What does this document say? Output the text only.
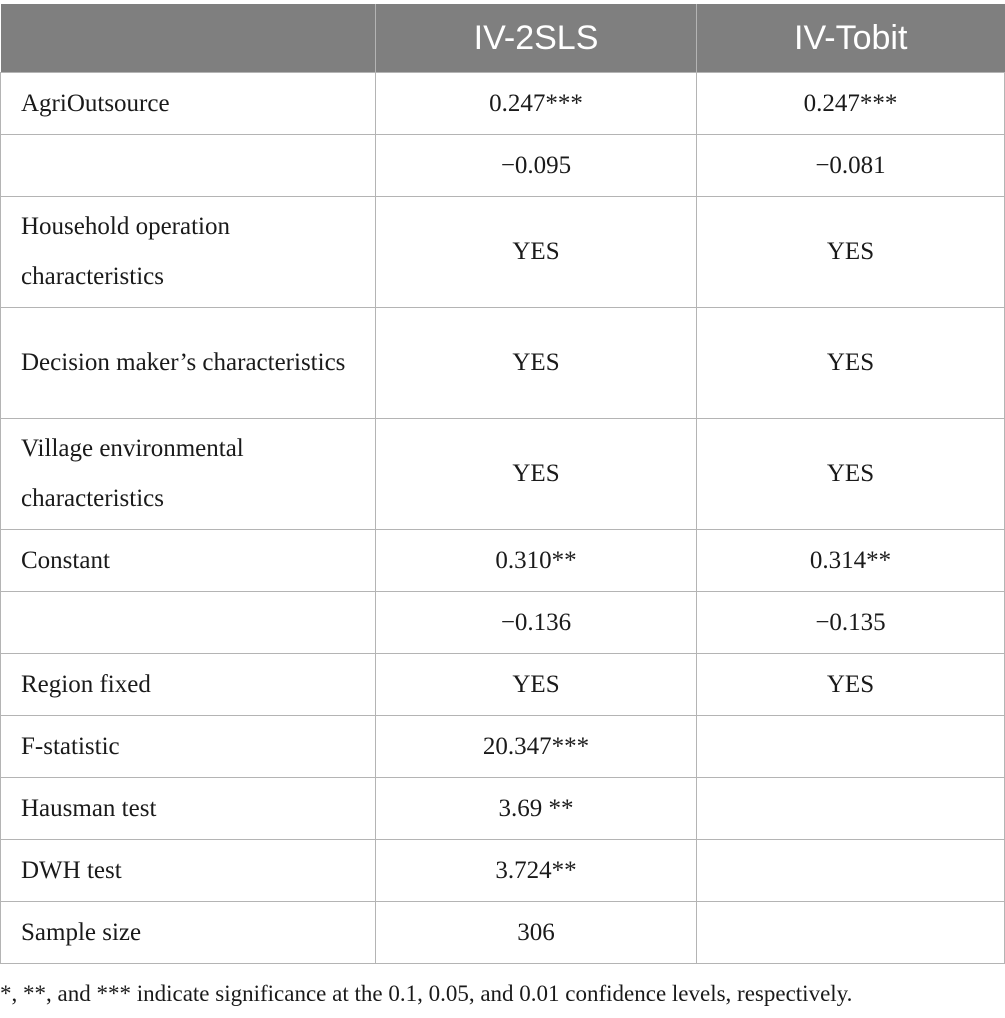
	IV-2SLS	IV-Tobit
AgriOutsource	0.247***	0.247***
	−0.095	−0.081
Household operation characteristics	YES	YES
Decision maker’s characteristics	YES	YES
Village environmental characteristics	YES	YES
Constant	0.310**	0.314**
	−0.136	−0.135
Region fixed	YES	YES
F-statistic	20.347***	
Hausman test	3.69 **	
DWH test	3.724**	
Sample size	306	

*, **, and *** indicate significance at the 0.1, 0.05, and 0.01 confidence levels, respectively.
